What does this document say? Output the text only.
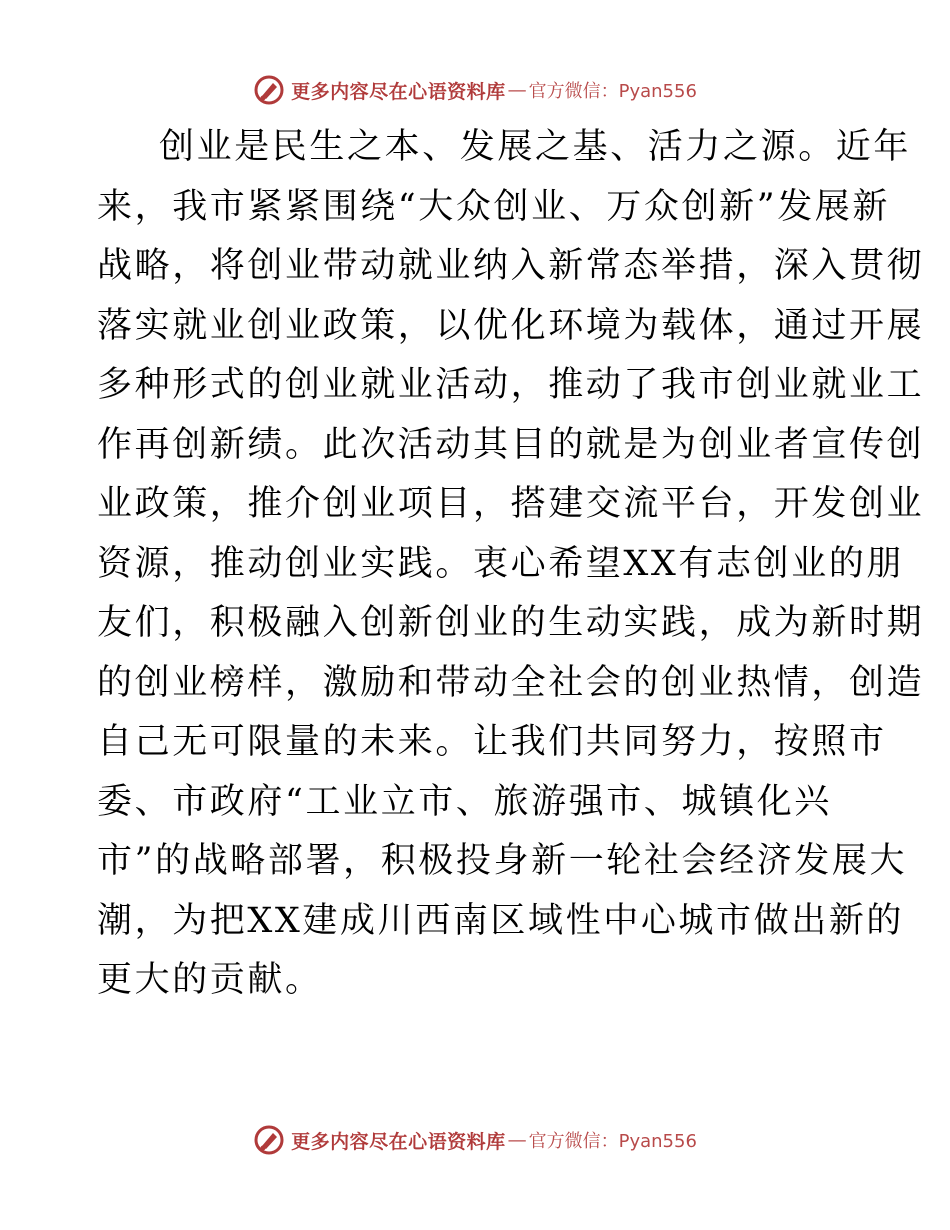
更多内容尽在心语资料库 — 官方微信：Pyan556
创业是民生之本、发展之基、活力之源。近年
来，我市紧紧围绕“大众创业、万众创新”发展新
战略，将创业带动就业纳入新常态举措，深入贯彻
落实就业创业政策，以优化环境为载体，通过开展
多种形式的创业就业活动，推动了我市创业就业工
作再创新绩。此次活动其目的就是为创业者宣传创
业政策，推介创业项目，搭建交流平台，开发创业
资源，推动创业实践。衷心希望XX有志创业的朋
友们，积极融入创新创业的生动实践，成为新时期
的创业榜样，激励和带动全社会的创业热情，创造
自己无可限量的未来。让我们共同努力，按照市
委、市政府“工业立市、旅游强市、城镇化兴
市”的战略部署，积极投身新一轮社会经济发展大
潮，为把XX建成川西南区域性中心城市做出新的
更大的贡献。
更多内容尽在心语资料库 — 官方微信：Pyan556
